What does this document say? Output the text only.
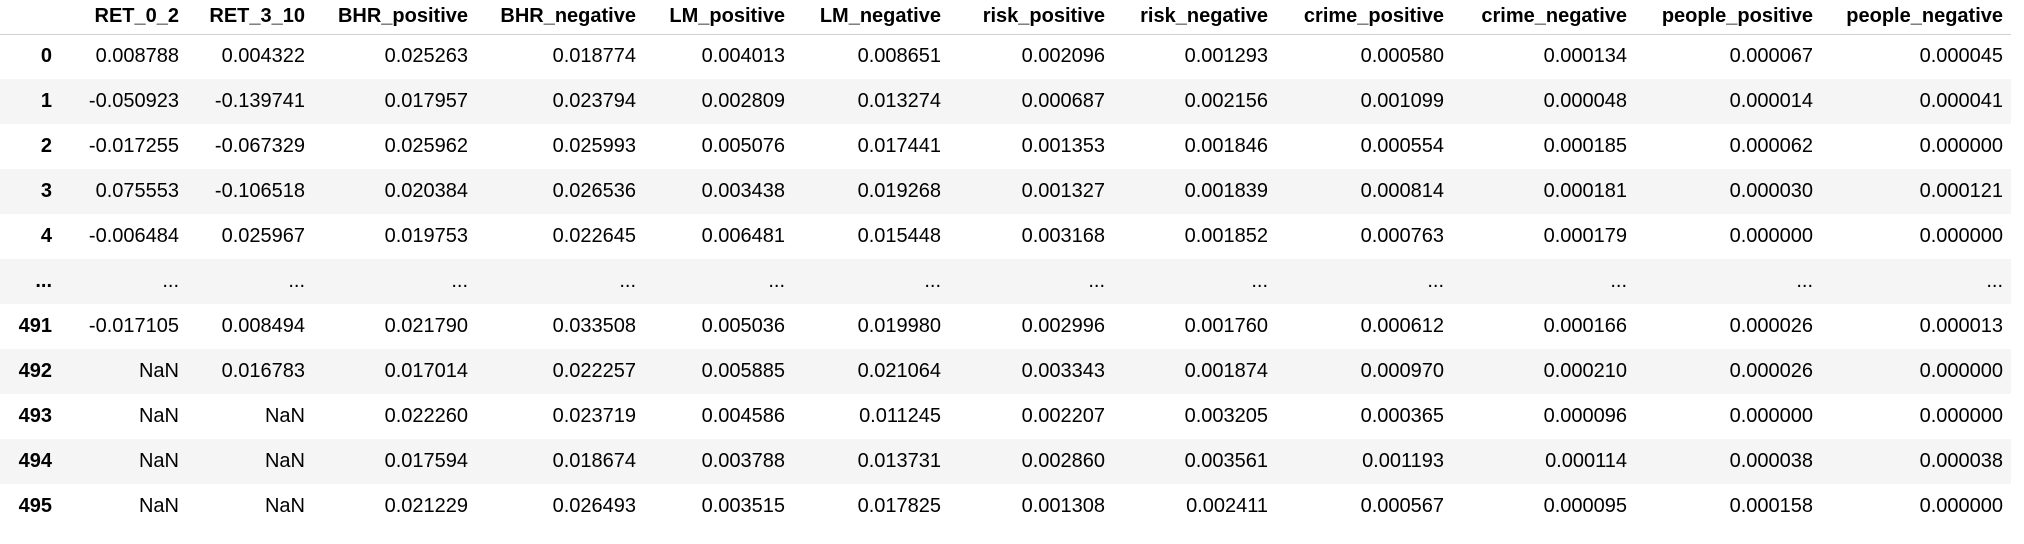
	RET_0_2	RET_3_10	BHR_positive	BHR_negative	LM_positive	LM_negative	risk_positive	risk_negative	crime_positive	crime_negative	people_positive	people_negative
0	0.008788	0.004322	0.025263	0.018774	0.004013	0.008651	0.002096	0.001293	0.000580	0.000134	0.000067	0.000045
1	-0.050923	-0.139741	0.017957	0.023794	0.002809	0.013274	0.000687	0.002156	0.001099	0.000048	0.000014	0.000041
2	-0.017255	-0.067329	0.025962	0.025993	0.005076	0.017441	0.001353	0.001846	0.000554	0.000185	0.000062	0.000000
3	0.075553	-0.106518	0.020384	0.026536	0.003438	0.019268	0.001327	0.001839	0.000814	0.000181	0.000030	0.000121
4	-0.006484	0.025967	0.019753	0.022645	0.006481	0.015448	0.003168	0.001852	0.000763	0.000179	0.000000	0.000000
...	...	...	...	...	...	...	...	...	...	...	...	...
491	-0.017105	0.008494	0.021790	0.033508	0.005036	0.019980	0.002996	0.001760	0.000612	0.000166	0.000026	0.000013
492	NaN	0.016783	0.017014	0.022257	0.005885	0.021064	0.003343	0.001874	0.000970	0.000210	0.000026	0.000000
493	NaN	NaN	0.022260	0.023719	0.004586	0.011245	0.002207	0.003205	0.000365	0.000096	0.000000	0.000000
494	NaN	NaN	0.017594	0.018674	0.003788	0.013731	0.002860	0.003561	0.001193	0.000114	0.000038	0.000038
495	NaN	NaN	0.021229	0.026493	0.003515	0.017825	0.001308	0.002411	0.000567	0.000095	0.000158	0.000000
